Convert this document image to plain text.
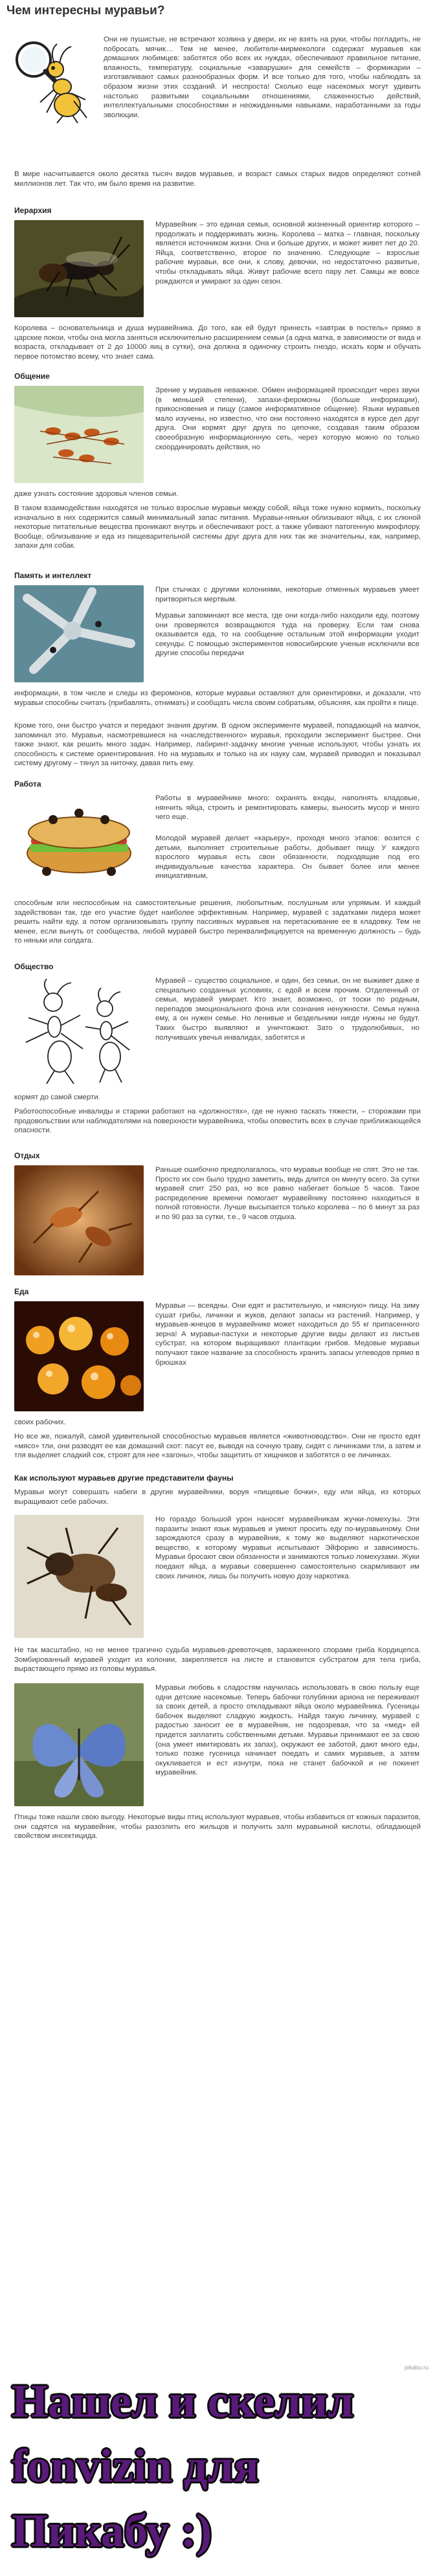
Чем интересны муравьи?

Они не пушистые, не встречают хозяина у двери, их не взять на руки, чтобы погладить, не побросать мячик… Тем не менее, любители-мирмекологи содержат муравьев как домашних любимцев: заботятся обо всех их нуждах, обеспечивают правильное питание, влажность, температуру, социальные «заварушки» для семейств – формикарии – изготавливают самых разнообразных форм. И все только для того, чтобы наблюдать за образом жизни этих созданий. И неспроста! Сколько еще насекомых могут удивить настолько развитыми социальными отношениями, слаженностью действий, интеллектуальными способностями и неожиданными навыками, наработанными за годы эволюции.

В мире насчитывается около десятка тысяч видов муравьев, и возраст самых старых видов определяют сотней миллионов лет. Так что, им было время на развитие.

Иерархия

Муравейник – это единая семья, основной жизненный ориентир которого – продолжать и поддерживать жизнь. Королева – матка – главная, поскольку является источником жизни. Она и больше других, и может живет лет до 20. Яйца, соответственно, второе по значению. Следующие – взрослые рабочие муравьи, все они, к слову, девочки, но недостаточно развитые, чтобы откладывать яйца. Живут рабочие всего пару лет. Самцы же вовсе рождаются и умирают за один сезон.

Королева – основательница и душа муравейника. До того, как ей будут принесть «завтрак в постель» прямо в царские покои, чтобы она могла заняться исключительно расширением семьи (а одна матка, в зависимости от вида и возраста, откладывает от 2 до 10000 яиц в сутки), она должна в одиночку строить гнездо, искать корм и обучать первое потомство всему, что знает сама.

Общение

Зрение у муравьев неважное. Обмен информацией происходит через звуки (в меньшей степени), запахи-феромоны (больше информации), прикосновения и пищу (самое информативное общение). Языки муравьев мало изучены, но известно, что они постоянно находятся в курсе дел друг друга. Они кормят друг друга по цепочке, создавая таким образом своеобразную информационную сеть, через которую можно по только скоординировать действия, но

даже узнать состояние здоровья членов семьи.

В таком взаимодействии находятся не только взрослые муравьи между собой, яйца тоже нужно кормить, поскольку изначально в них содержится самый минимальный запас питания. Муравьи-няньки облизывают яйца, с их слюной некоторые питательные вещества проникают внутрь и обеспечивают рост, а также убивают патогенную микрофлору. Вообще, облизывание и еда из пищеварительной системы друг друга для них так же значительны, как, например, запахи для собак.

Память и интеллект

При стычках с другими колониями, некоторые отменных муравьев умеет притворяться мертвым.

Муравьи запоминают все места, где они когда-либо находили еду, поэтому они проверяются возвращаются туда на проверку. Если там снова оказывается еда, то на сообщение остальным этой информации уходит секунды. С помощью экспериментов новосибирские ученые исключили все другие способы передачи

информации, в том числе и следы из феромонов, которые муравьи оставляют для ориентировки, и доказали, что муравьи способны считать (прибавлять, отнимать) и сообщать числа своим собратьям, объясняя, как пройти к пище.

Кроме того, они быстро учатся и передают знания другим. В одном эксперименте муравей, попадающий на маячок, запоминал это. Муравьи, насмотревшиеся на «наследственного» муравья, проходили эксперимент быстрее. Они также знают, как решить много задач. Например, лабиринт-задачку многие ученые используют, чтобы узнать их способность к системе ориентирования. Но на муравьях и только на их науку сам, муравей приводил и показывал систему другому – тянул за ниточку, давая пить ему.

Работа

Работы в муравейнике много: охранять входы, наполнять кладовые, нянчить яйца, строить и ремонтировать камеры, выносить мусор и много чего еще.

Молодой муравей делает «карьеру», проходя много этапов: возится с детьми, выполняет строительные работы, добывает пищу. У каждого взрослого муравья есть свои обязанности, подходящие под его индивидуальные качества характера. Он бывает более или менее инициативным,

способным или неспособным на самостоятельные решения, любопытным, послушным или упрямым. И каждый задействован так, где его участие будет наиболее эффективным. Например, муравей с задатками лидера может решить найти еду, а потом организовывать группу пассивных муравьев на перетаскивание ее в кладовку. Тем не менее, если вынуть от сообщества, любой муравей быстро переквалифицируется на временную должность – будь то няньки или солдата.

Общество

Муравей – существо социальное, и один, без семьи, он не выживет даже в специально созданных условиях, с едой и всем прочим. Отделенный от семьи, муравей умирает. Кто знает, возможно, от тоски по родным, перепадов эмоционального фона или сознания ненужности. Семья нужна ему, а он нужен семье. Но ленивые и бездельники нигде нужны не будут. Таких быстро выявляют и уничтожают. Зато о трудолюбивых, но получивших увечья инвалидах, заботятся и

кормят до самой смерти.

Работоспособные инвалиды и старики работают на «должностях», где не нужно таскать тяжести, – сторожами при продовольствии или наблюдателями на поверхности муравейника, чтобы оповестить всех в случае приближающейся опасности.

Отдых

Раньше ошибочно предполагалось, что муравьи вообще не спят. Это не так. Просто их сон было трудно заметить, ведь длится он минуту всего. За сутки муравей спит 250 раз, но все равно набегает больше 5 часов. Такое распределение времени помогает муравейнику постоянно находиться в полной готовности. Лучше высыпается только королева – по 6 минут за раз и по 90 раз за сутки, т.е., 9 часов отдыха.

Еда

Муравьи — всеядны. Они едят и растительную, и «мясную» пищу. На зиму сушат грибы, личинки и жуков, делают запасы из растений. Например, у муравьев-жнецов в муравейнике может находиться до 55 кг припасенного зерна! А муравьи-пастухи и некоторые другие виды делают из листьев субстрат, на котором выращивают плантации грибов. Медовые муравьи получают такое название за способность хранить запасы углеводов прямо в брюшках

своих рабочих.

Но все же, пожалуй, самой удивительной способностью муравьев является «животноводство». Они не просто едят «мясо» тли, они разводят ее как домашний скот: пасут ее, выводя на сочную траву, сидят с личинками тли, а затем и тля выделяет сладкий сок, строят для нее «загоны», чтобы защитить от хищников и заботятся о ее личинках.

Как используют муравьев другие представители фауны

Муравьи могут совершать набеги в другие муравейники, воруя «пищевые бочки», еду или яйца, из которых выращивают себе рабочих.

Но гораздо большой урон наносят муравейникам жучки-ломехузы. Эти паразиты знают язык муравьев и умеют просить еду по-муравьиному. Они зарождаются сразу в муравейник, к тому же выделяют наркотическое вещество, к которому муравьи испытывают Эйфорию и зависимость. Муравьи бросают свои обязанности и занимаются только ломехузами. Жуки поедают яйца, а муравьи совершенно самостоятельно скармливают им своих личинок, лишь бы получить новую дозу наркотика.

Не так масштабно, но не менее трагично судьба муравьев-древоточцев, зараженного спорами гриба Кордицепса. Зомбированный муравей уходит из колонии, закрепляется на листе и становится субстратом для тела гриба, вырастающего прямо из головы муравья.

Муравьи любовь к сладостям научилась использовать в свою пользу еще одни детские насекомые. Теперь бабочки голубянки ариона не переживают за своих детей, а просто откладывают яйца около муравейника. Гусеницы бабочек выделяют сладкую жидкость. Найдя такую личинку, муравей с радостью заносит ее в муравейник, не подозревая, что за «мед» ей придется заплатить собственными детьми. Муравьи принимают ее за свою (она умеет имитировать их запах), окружают ее заботой, дают много еды, только позже гусеница начинает поедать и самих муравьев, а затем окукливается и ест изнутри, пока не станет бабочкой и не покинет муравейник.

Птицы тоже нашли свою выгоду. Некоторые виды птиц используют муравьев, чтобы избавиться от кожных паразитов, они садятся на муравейник, чтобы разозлить его жильцов и получить залп муравьиной кислоты, обладающей свойством инсектицида.

pikabu.ru
Нашел и скелил
fonvizin для
Пикабу :)
